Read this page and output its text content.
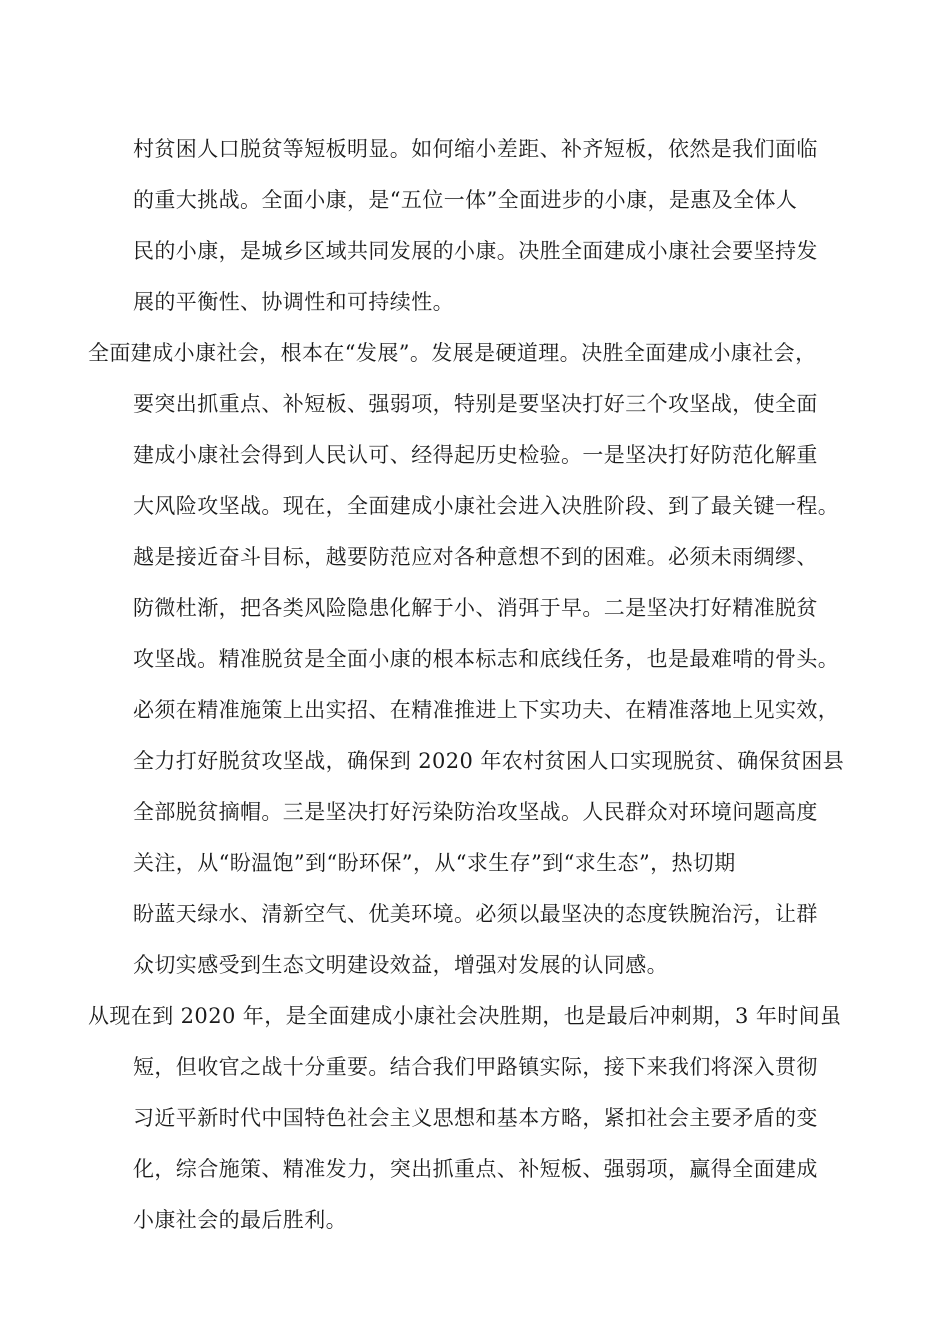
村贫困人口脱贫等短板明显。如何缩小差距、补齐短板，依然是我们面临
的重大挑战。全面小康，是“五位一体”全面进步的小康，是惠及全体人
民的小康，是城乡区域共同发展的小康。决胜全面建成小康社会要坚持发
展的平衡性、协调性和可持续性。
全面建成小康社会，根本在“发展”。发展是硬道理。决胜全面建成小康社会，
要突出抓重点、补短板、强弱项，特别是要坚决打好三个攻坚战，使全面
建成小康社会得到人民认可、经得起历史检验。一是坚决打好防范化解重
大风险攻坚战。现在，全面建成小康社会进入决胜阶段、到了最关键一程。
越是接近奋斗目标，越要防范应对各种意想不到的困难。必须未雨绸缪、
防微杜渐，把各类风险隐患化解于小、消弭于早。二是坚决打好精准脱贫
攻坚战。精准脱贫是全面小康的根本标志和底线任务，也是最难啃的骨头。
必须在精准施策上出实招、在精准推进上下实功夫、在精准落地上见实效，
全力打好脱贫攻坚战，确保到 2020 年农村贫困人口实现脱贫、确保贫困县
全部脱贫摘帽。三是坚决打好污染防治攻坚战。人民群众对环境问题高度
关注，从“盼温饱”到“盼环保”，从“求生存”到“求生态”，热切期
盼蓝天绿水、清新空气、优美环境。必须以最坚决的态度铁腕治污，让群
众切实感受到生态文明建设效益，增强对发展的认同感。
从现在到 2020 年，是全面建成小康社会决胜期，也是最后冲刺期，3 年时间虽
短，但收官之战十分重要。结合我们甲路镇实际，接下来我们将深入贯彻
习近平新时代中国特色社会主义思想和基本方略，紧扣社会主要矛盾的变
化，综合施策、精准发力，突出抓重点、补短板、强弱项，赢得全面建成
小康社会的最后胜利。
